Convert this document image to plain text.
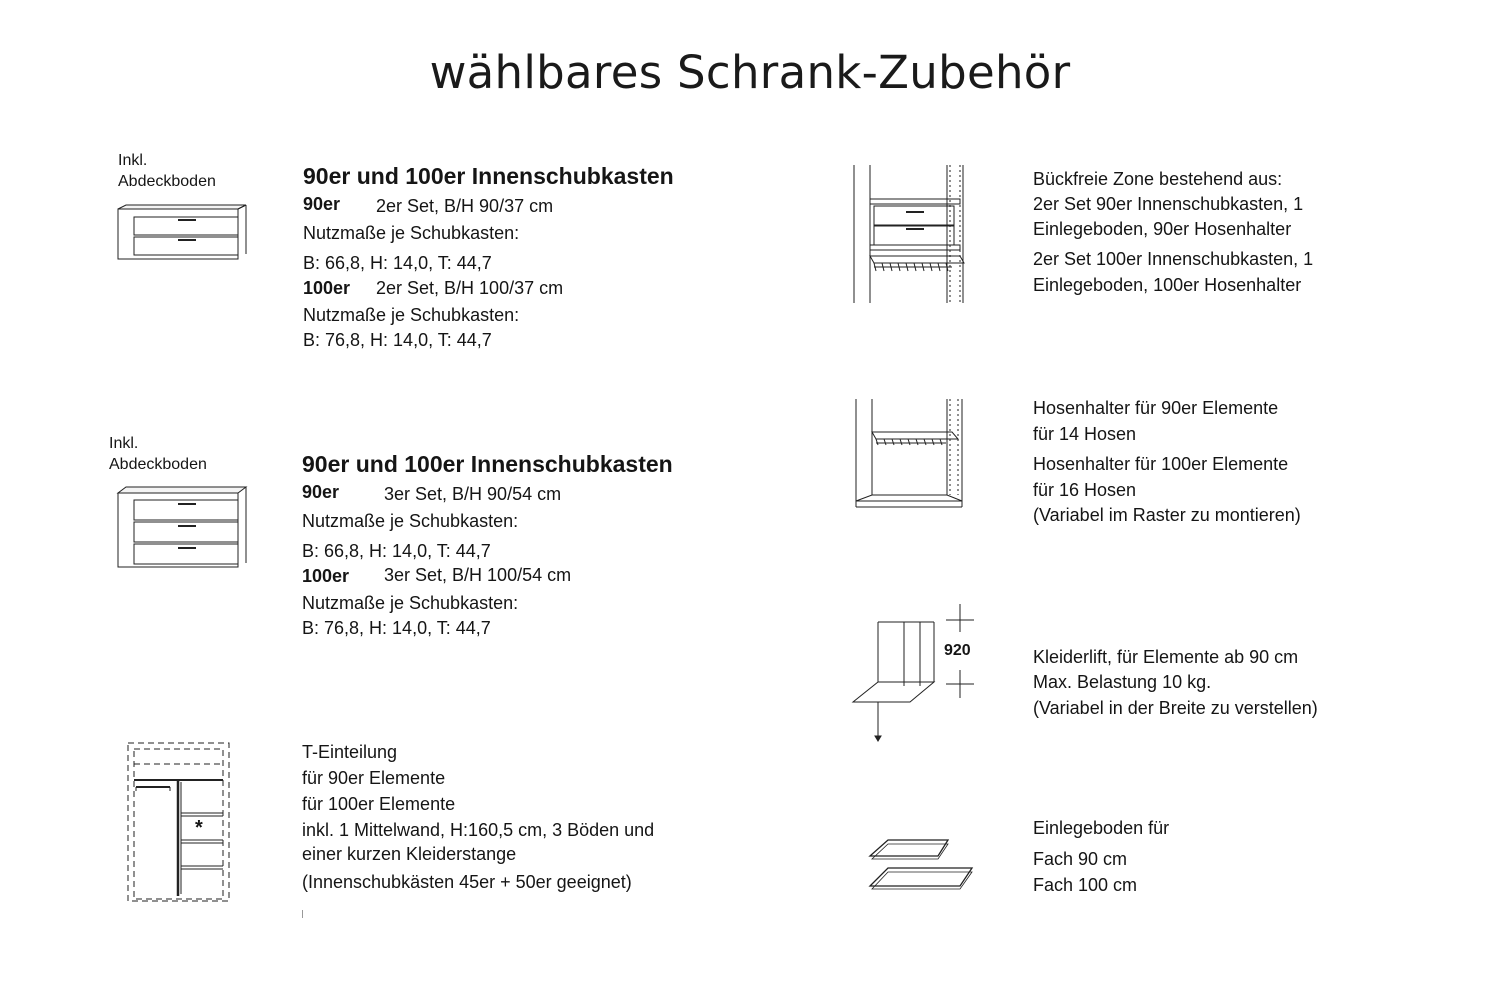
wählbares Schrank-Zubehör
Inkl.
Abdeckboden	90er und 100er Innenschubkasten
90er 2er Set, B/H 90/37 cm
Nutzmaße je Schubkasten:
B: 66,8, H: 14,0, T: 44,7
100er 2er Set, B/H 100/37 cm
Nutzmaße je Schubkasten:
B: 76,8, H: 14,0, T: 44,7
Inkl.
Abdeckboden	90er und 100er Innenschubkasten
90er 3er Set, B/H 90/54 cm
Nutzmaße je Schubkasten:
B: 66,8, H: 14,0, T: 44,7
100er 3er Set, B/H 100/54 cm
Nutzmaße je Schubkasten:
B: 76,8, H: 14,0, T: 44,7
*
T-Einteilung
für 90er Elemente
für 100er Elemente
inkl. 1 Mittelwand, H:160,5 cm, 3 Böden und
einer kurzen Kleiderstange
(Innenschubkästen 45er + 50er geeignet)
Bückfreie Zone bestehend aus:
2er Set 90er Innenschubkasten, 1
Einlegeboden, 90er Hosenhalter
2er Set 100er Innenschubkasten, 1
Einlegeboden, 100er Hosenhalter
Hosenhalter für 90er Elemente
für 14 Hosen
Hosenhalter für 100er Elemente
für 16 Hosen
(Variabel im Raster zu montieren)
920	Kleiderlift, für Elemente ab 90 cm
Max. Belastung 10 kg.
(Variabel in der Breite zu verstellen)
Einlegeboden für
Fach 90 cm
Fach 100 cm
